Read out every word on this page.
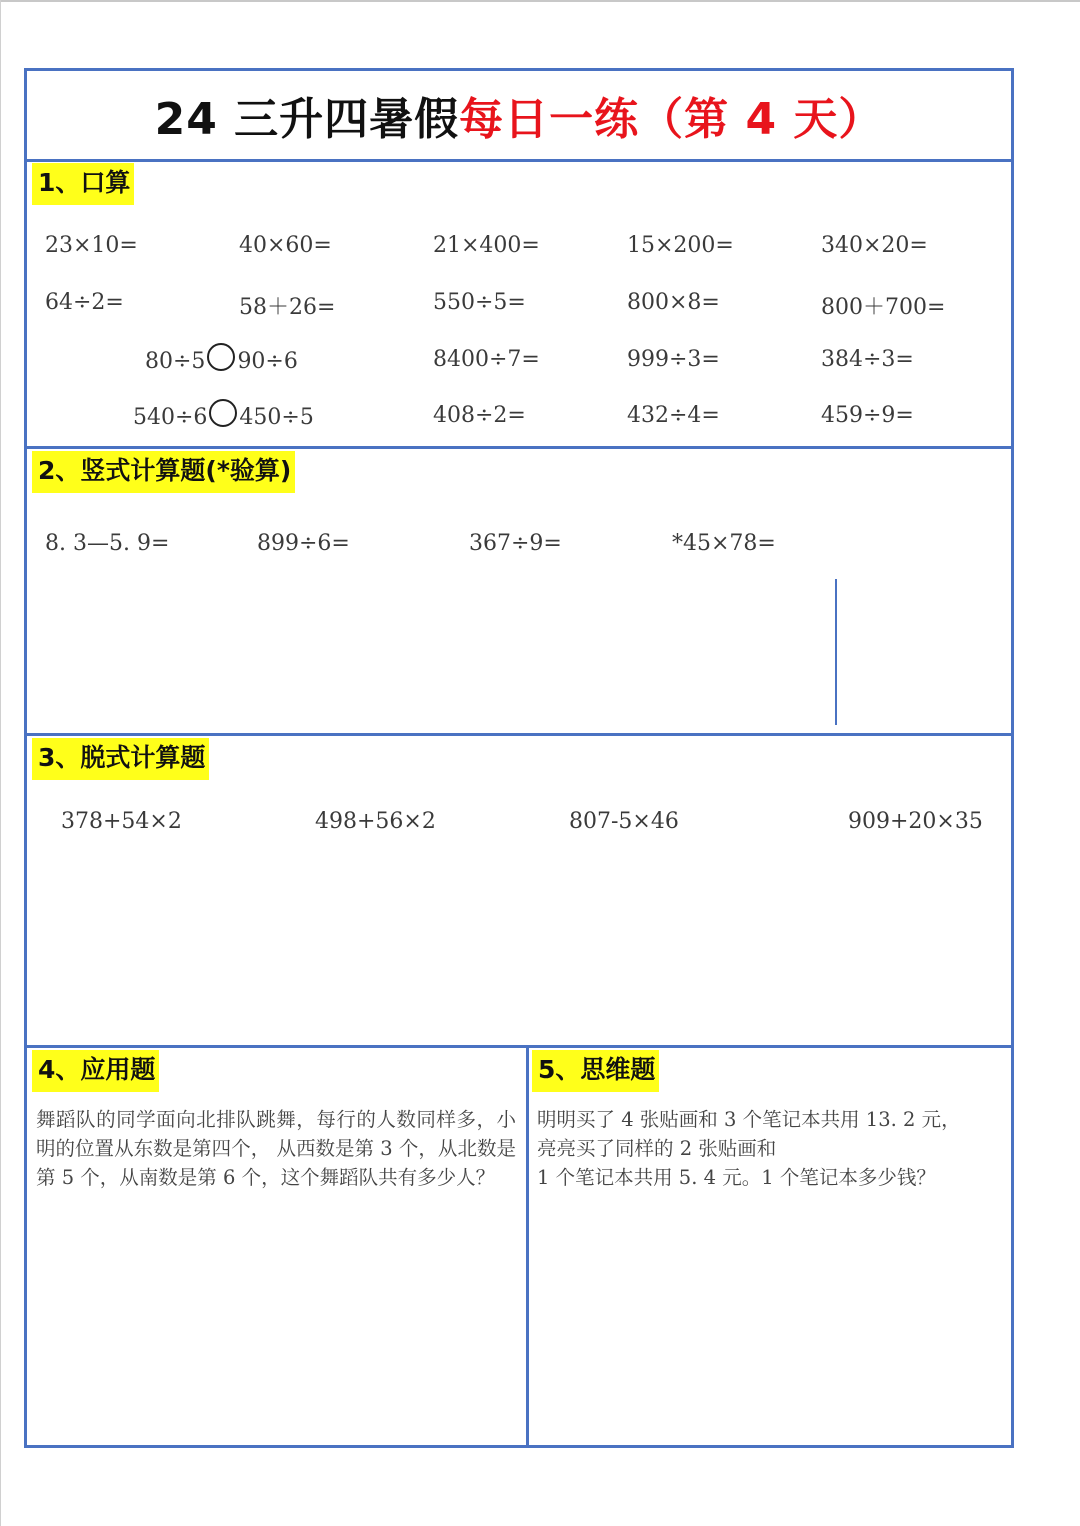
24 三升四暑假 每日一练（第 4 天）
1、口算
23×10=	40×60=	21×400=	15×200=	340×20=
64÷2=	58＋26=	550÷5=	800×8=	800＋700=
80÷5 90÷6	8400÷7=	999÷3=	384÷3=
540÷6 450÷5	408÷2=	432÷4=	459÷9=
2、竖式计算题(*验算)
8. 3—5. 9=	899÷6=	367÷9=	*45×78=
3、脱式计算题
378+54×2	498+56×2	807-5×46	909+20×35
4、应用题
舞蹈队的同学面向北排队跳舞，每行的人数同样多，小明的位置从东数是第四个， 从西数是第 3 个，从北数是第 5 个，从南数是第 6 个，这个舞蹈队共有多少人？
5、思维题
明明买了 4 张贴画和 3 个笔记本共用 13. 2 元，
亮亮买了同样的 2 张贴画和
1 个笔记本共用 5. 4 元。1 个笔记本多少钱？
